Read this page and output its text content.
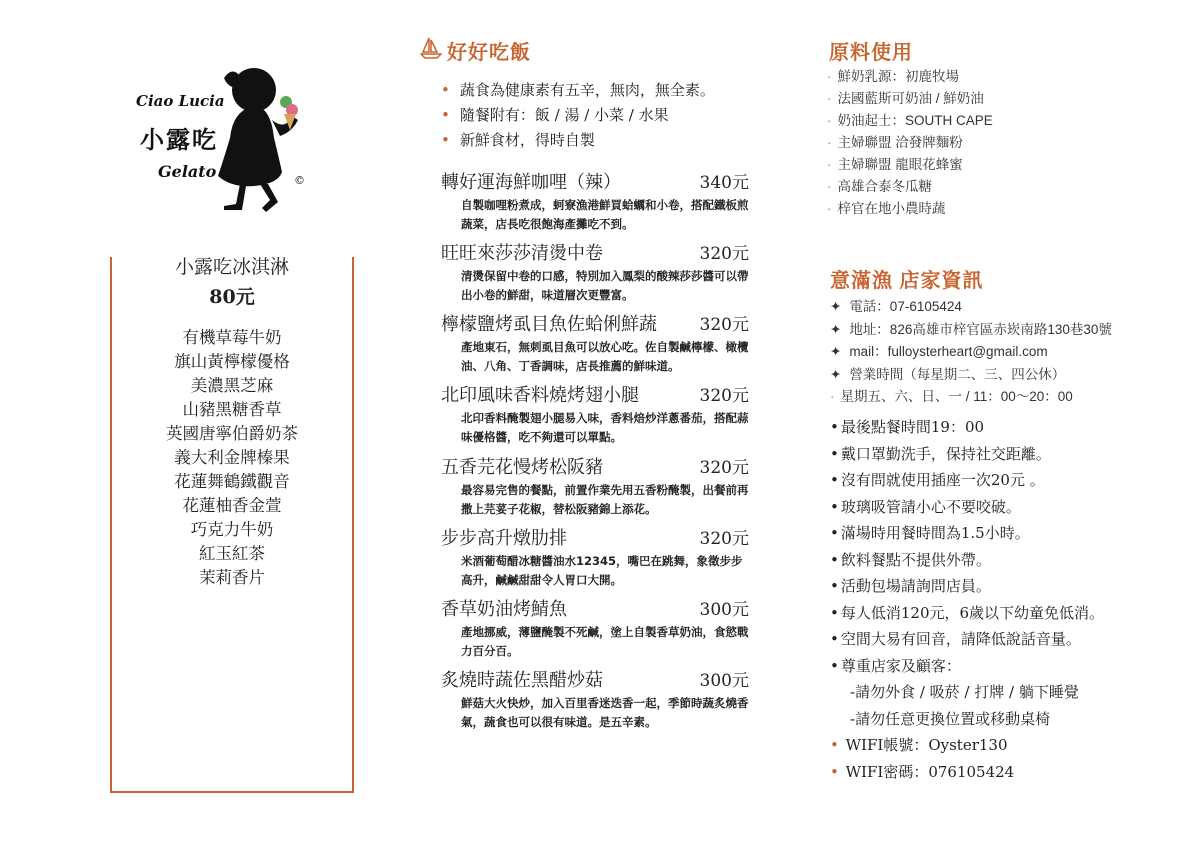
Ciao Lucia
小露吃
Gelato	©
小露吃冰淇淋
80元
有機草莓牛奶
旗山黃檸檬優格
美濃黑芝麻
山豬黑糖香草
英國唐寧伯爵奶茶
義大利金牌榛果
花蓮舞鶴鐵觀音
花蓮柚香金萱
巧克力牛奶
紅玉紅茶
茉莉香片
好好吃飯
• 蔬食為健康素有五辛，無肉，無全素。
• 隨餐附有：飯 / 湯 / 小菜 / 水果
• 新鮮食材，得時自製
轉好運海鮮咖哩（辣）	340元
自製咖哩粉煮成，蚵寮漁港鮮買蛤蠣和小卷，搭配鐵板煎蔬菜，店長吃很飽海產攤吃不到。
旺旺來莎莎清燙中卷	320元
清燙保留中卷的口感，特別加入鳳梨的酸辣莎莎醬可以帶出小卷的鮮甜，味道層次更豐富。
檸檬鹽烤虱目魚佐蛤俐鮮蔬	320元
產地東石，無刺虱目魚可以放心吃。佐自製鹹檸檬、橄欖油、八角、丁香調味，店長推薦的鮮味道。
北印風味香料燒烤翅小腿	320元
北印香料醃製翅小腿易入味，香料焙炒洋蔥番茄，搭配蒜味優格醬，吃不夠還可以單點。
五香芫花慢烤松阪豬	320元
最容易完售的餐點，前置作業先用五香粉醃製，出餐前再撒上芫荽子花椒，替松阪豬錦上添花。
步步高升燉肋排	320元
米酒葡萄醋冰糖醬油水12345，嘴巴在跳舞，象徵步步高升，鹹鹹甜甜令人胃口大開。
香草奶油烤鯖魚	300元
產地挪威，薄鹽醃製不死鹹，塗上自製香草奶油，食慾戰力百分百。
炙燒時蔬佐黑醋炒菇	300元
鮮菇大火快炒，加入百里香迷迭香一起，季節時蔬炙燒香氣，蔬食也可以很有味道。是五辛素。
原料使用
· 鮮奶乳源：初鹿牧場
· 法國藍斯可奶油 / 鮮奶油
· 奶油起士：SOUTH CAPE
· 主婦聯盟 洽發牌麵粉
· 主婦聯盟 龍眼花蜂蜜
· 高雄合泰冬瓜糖
· 梓官在地小農時蔬
意滿漁 店家資訊
✦ 電話：07-6105424
✦ 地址：826高雄市梓官區赤崁南路130巷30號
✦ mail：fulloysterheart@gmail.com
✦ 營業時間（每星期二、三、四公休）
· 星期五、六、日、一 / 11：00～20：00
• 最後點餐時間19：00
• 戴口罩勤洗手，保持社交距離。
• 沒有問就使用插座一次20元 。
• 玻璃吸管請小心不要咬破。
• 滿場時用餐時間為1.5小時。
• 飲料餐點不提供外帶。
• 活動包場請詢問店員。
• 每人低消120元，6歲以下幼童免低消。
• 空間大易有回音，請降低說話音量。
• 尊重店家及顧客：
-請勿外食 / 吸菸 / 打牌 / 躺下睡覺
-請勿任意更換位置或移動桌椅
• WIFI帳號：Oyster130
• WIFI密碼：076105424
